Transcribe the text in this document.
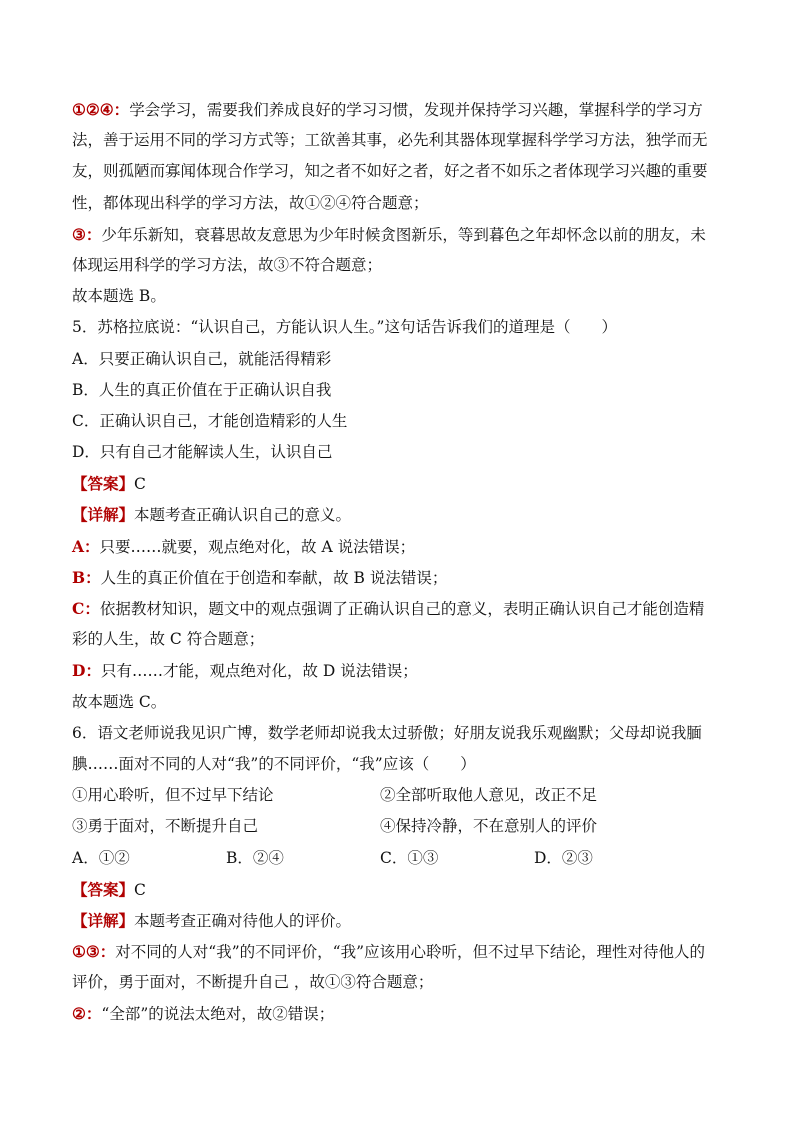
①②④：学会学习，需要我们养成良好的学习习惯，发现并保持学习兴趣，掌握科学的学习方
法，善于运用不同的学习方式等；工欲善其事，必先利其器体现掌握科学学习方法，独学而无
友，则孤陋而寡闻体现合作学习，知之者不如好之者，好之者不如乐之者体现学习兴趣的重要
性，都体现出科学的学习方法，故①②④符合题意；
③：少年乐新知，衰暮思故友意思为少年时候贪图新乐，等到暮色之年却怀念以前的朋友，未
体现运用科学的学习方法，故③不符合题意；
故本题选 B。
5．苏格拉底说：“认识自己，方能认识人生。”这句话告诉我们的道理是（　　）
A．只要正确认识自己，就能活得精彩
B．人生的真正价值在于正确认识自我
C．正确认识自己，才能创造精彩的人生
D．只有自己才能解读人生，认识自己
【答案】C
【详解】本题考查正确认识自己的意义。
A：只要……就要，观点绝对化，故 A 说法错误；
B：人生的真正价值在于创造和奉献，故 B 说法错误；
C：依据教材知识，题文中的观点强调了正确认识自己的意义，表明正确认识自己才能创造精
彩的人生，故 C 符合题意；
D：只有……才能，观点绝对化，故 D 说法错误；
故本题选 C。
6．语文老师说我见识广博，数学老师却说我太过骄傲；好朋友说我乐观幽默；父母却说我腼
腆……面对不同的人对“我”的不同评价，“我”应该（　　）
①用心聆听，但不过早下结论	②全部听取他人意见，改正不足
③勇于面对，不断提升自己	④保持冷静，不在意别人的评价
A．①②	B．②④	C．①③	D．②③
【答案】C
【详解】本题考查正确对待他人的评价。
①③：对不同的人对“我”的不同评价，“我”应该用心聆听，但不过早下结论，理性对待他人的
评价，勇于面对，不断提升自己 ，故①③符合题意；
②：“全部”的说法太绝对，故②错误；
